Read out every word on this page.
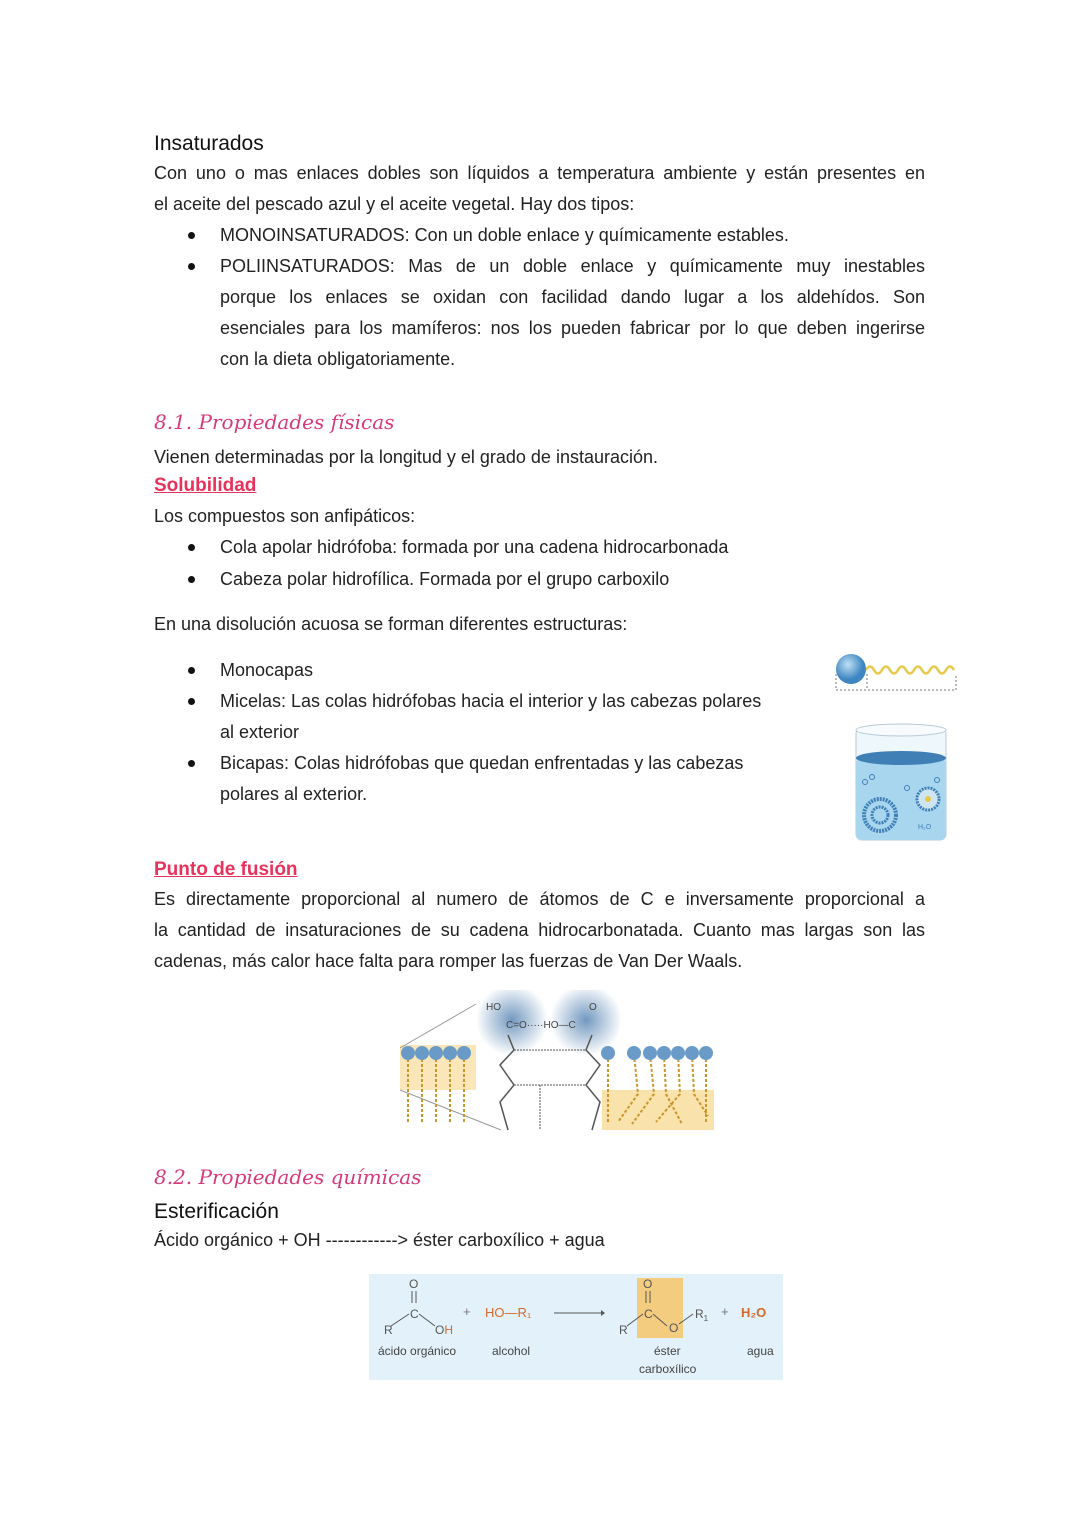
Insaturados
Con uno o mas enlaces dobles son líquidos a temperatura ambiente y están presentes en
el aceite del pescado azul y el aceite vegetal. Hay dos tipos:
MONOINSATURADOS: Con un doble enlace y químicamente estables.
POLIINSATURADOS: Mas de un doble enlace y químicamente muy inestables
porque los enlaces se oxidan con facilidad dando lugar a los aldehídos. Son
esenciales para los mamíferos: nos los pueden fabricar por lo que deben ingerirse
con la dieta obligatoriamente.
8.1. Propiedades físicas
Vienen determinadas por la longitud y el grado de instauración.
Solubilidad
Los compuestos son anfipáticos:
Cola apolar hidrófoba: formada por una cadena hidrocarbonada
Cabeza polar hidrofílica. Formada por el grupo carboxilo
En una disolución acuosa se forman diferentes estructuras:
Monocapas
Micelas: Las colas hidrófobas hacia el interior y las cabezas polares
al exterior
Bicapas: Colas hidrófobas que quedan enfrentadas y las cabezas
polares al exterior.
H₂O
Punto de fusión
Es directamente proporcional al numero de átomos de C e inversamente proporcional a
la cantidad de insaturaciones de su cadena hidrocarbonatada. Cuanto mas largas son las
cadenas, más calor hace falta para romper las fuerzas de Van Der Waals.
HO
C=O·····HO—C
O
8.2. Propiedades químicas
Esterificación
Ácido orgánico + OH ------------> éster carboxílico + agua
O
C
R	OH
O
C
R	O
$R_1$
+ HO—R₁	+ H₂O
ácido orgánico	alcohol	éster
carboxílico
agua
